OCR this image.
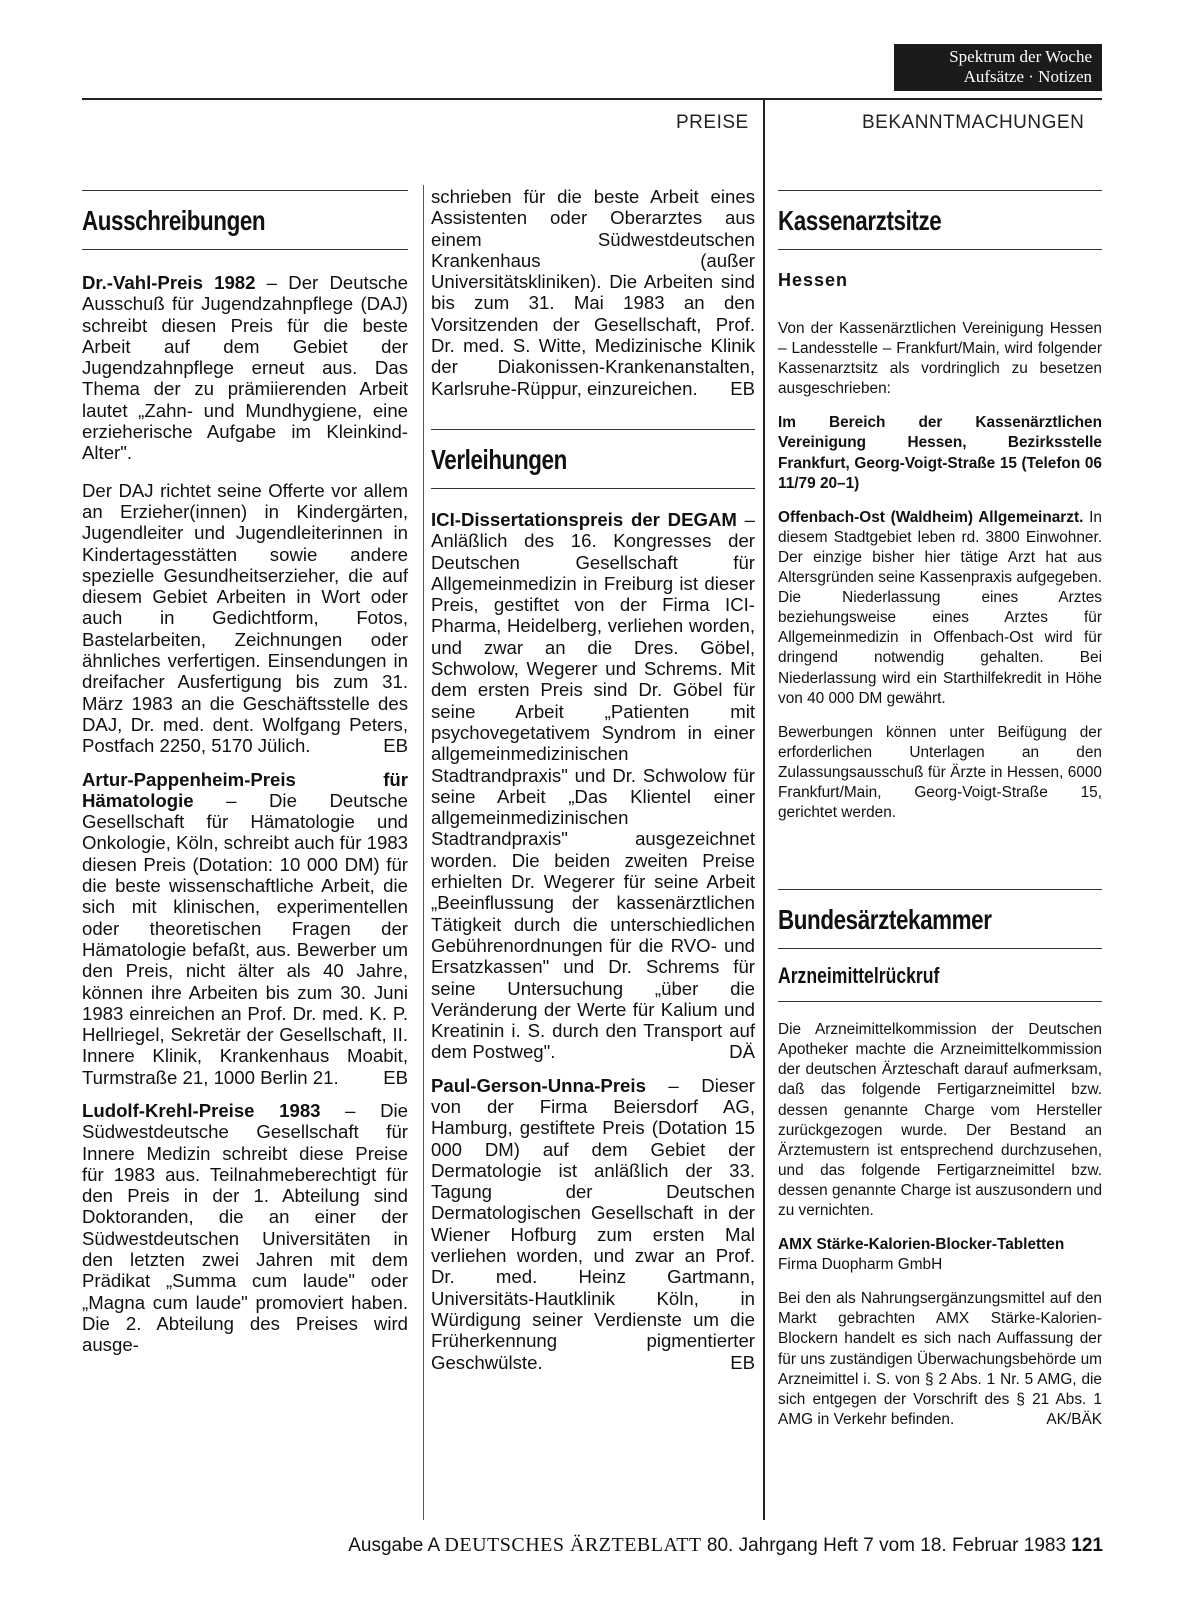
Spektrum der Woche
Aufsätze · Notizen
PREISE	BEKANNTMACHUNGEN
Ausschreibungen

Dr.-Vahl-Preis 1982 – Der Deutsche Ausschuß für Jugendzahnpflege (DAJ) schreibt diesen Preis für die beste Arbeit auf dem Gebiet der Jugendzahnpflege erneut aus. Das Thema der zu prämiierenden Arbeit lautet „Zahn- und Mundhygiene, eine erzieherische Aufgabe im Kleinkind-Alter".

Der DAJ richtet seine Offerte vor allem an Erzieher(innen) in Kindergärten, Jugendleiter und Jugendleiterinnen in Kindertagesstätten sowie andere spezielle Gesundheitserzieher, die auf diesem Gebiet Arbeiten in Wort oder auch in Gedichtform, Fotos, Bastelarbeiten, Zeichnungen oder ähnliches verfertigen. Einsendungen in dreifacher Ausfertigung bis zum 31. März 1983 an die Geschäftsstelle des DAJ, Dr. med. dent. Wolfgang Peters, Postfach 2250, 5170 Jülich.	EB

Artur-Pappenheim-Preis für Hämatologie – Die Deutsche Gesellschaft für Hämatologie und Onkologie, Köln, schreibt auch für 1983 diesen Preis (Dotation: 10 000 DM) für die beste wissenschaftliche Arbeit, die sich mit klinischen, experimentellen oder theoretischen Fragen der Hämatologie befaßt, aus. Bewerber um den Preis, nicht älter als 40 Jahre, können ihre Arbeiten bis zum 30. Juni 1983 einreichen an Prof. Dr. med. K. P. Hellriegel, Sekretär der Gesellschaft, II. Innere Klinik, Krankenhaus Moabit, Turmstraße 21, 1000 Berlin 21. EB

Ludolf-Krehl-Preise 1983 – Die Südwestdeutsche Gesellschaft für Innere Medizin schreibt diese Preise für 1983 aus. Teilnahmeberechtigt für den Preis in der 1. Abteilung sind Doktoranden, die an einer der Südwestdeutschen Universitäten in den letzten zwei Jahren mit dem Prädikat „Summa cum laude" oder „Magna cum laude" promoviert haben. Die 2. Abteilung des Preises wird ausge-

schrieben für die beste Arbeit eines Assistenten oder Oberarztes aus einem Südwestdeutschen Krankenhaus (außer Universitätskliniken). Die Arbeiten sind bis zum 31. Mai 1983 an den Vorsitzenden der Gesellschaft, Prof. Dr. med. S. Witte, Medizinische Klinik der Diakonissen-Krankenanstalten, Karlsruhe-Rüppur, einzureichen. EB

Verleihungen

ICI-Dissertationspreis der DEGAM – Anläßlich des 16. Kongresses der Deutschen Gesellschaft für Allgemeinmedizin in Freiburg ist dieser Preis, gestiftet von der Firma ICI-Pharma, Heidelberg, verliehen worden, und zwar an die Dres. Göbel, Schwolow, Wegerer und Schrems. Mit dem ersten Preis sind Dr. Göbel für seine Arbeit „Patienten mit psychovegetativem Syndrom in einer allgemeinmedizinischen Stadtrandpraxis" und Dr. Schwolow für seine Arbeit „Das Klientel einer allgemeinmedizinischen Stadtrandpraxis" ausgezeichnet worden. Die beiden zweiten Preise erhielten Dr. Wegerer für seine Arbeit „Beeinflussung der kassenärztlichen Tätigkeit durch die unterschiedlichen Gebührenordnungen für die RVO- und Ersatzkassen" und Dr. Schrems für seine Untersuchung „über die Veränderung der Werte für Kalium und Kreatinin i. S. durch den Transport auf dem Postweg".	DÄ

Paul-Gerson-Unna-Preis – Dieser von der Firma Beiersdorf AG, Hamburg, gestiftete Preis (Dotation 15 000 DM) auf dem Gebiet der Dermatologie ist anläßlich der 33. Tagung der Deutschen Dermatologischen Gesellschaft in der Wiener Hofburg zum ersten Mal verliehen worden, und zwar an Prof. Dr. med. Heinz Gartmann, Universitäts-Hautklinik Köln, in Würdigung seiner Verdienste um die Früherkennung pigmentierter Geschwülste.	EB

Kassenarztsitze
Hessen

Von der Kassenärztlichen Vereinigung Hessen – Landesstelle – Frankfurt/Main, wird folgender Kassenarztsitz als vordringlich zu besetzen ausgeschrieben:

Im Bereich der Kassenärztlichen Vereinigung Hessen, Bezirksstelle Frankfurt, Georg-Voigt-Straße 15 (Telefon 06 11/79 20–1)

Offenbach-Ost (Waldheim) Allgemeinarzt. In diesem Stadtgebiet leben rd. 3800 Einwohner. Der einzige bisher hier tätige Arzt hat aus Altersgründen seine Kassenpraxis aufgegeben. Die Niederlassung eines Arztes beziehungsweise eines Arztes für Allgemeinmedizin in Offenbach-Ost wird für dringend notwendig gehalten. Bei Niederlassung wird ein Starthilfekredit in Höhe von 40 000 DM gewährt.

Bewerbungen können unter Beifügung der erforderlichen Unterlagen an den Zulassungsausschuß für Ärzte in Hessen, 6000 Frankfurt/Main, Georg-Voigt-Straße 15, gerichtet werden.

Bundesärztekammer
Arzneimittelrückruf

Die Arzneimittelkommission der Deutschen Apotheker machte die Arzneimittelkommission der deutschen Ärzteschaft darauf aufmerksam, daß das folgende Fertigarzneimittel bzw. dessen genannte Charge vom Hersteller zurückgezogen wurde. Der Bestand an Ärztemustern ist entsprechend durchzusehen, und das folgende Fertigarzneimittel bzw. dessen genannte Charge ist auszusondern und zu vernichten.

AMX Stärke-Kalorien-Blocker-Tabletten
Firma Duopharm GmbH

Bei den als Nahrungsergänzungsmittel auf den Markt gebrachten AMX Stärke-Kalorien-Blockern handelt es sich nach Auffassung der für uns zuständigen Überwachungsbehörde um Arzneimittel i. S. von § 2 Abs. 1 Nr. 5 AMG, die sich entgegen der Vorschrift des § 21 Abs. 1 AMG in Verkehr befinden.	AK/BÄK

Ausgabe A DEUTSCHES ÄRZTEBLATT 80. Jahrgang Heft 7 vom 18. Februar 1983 121
